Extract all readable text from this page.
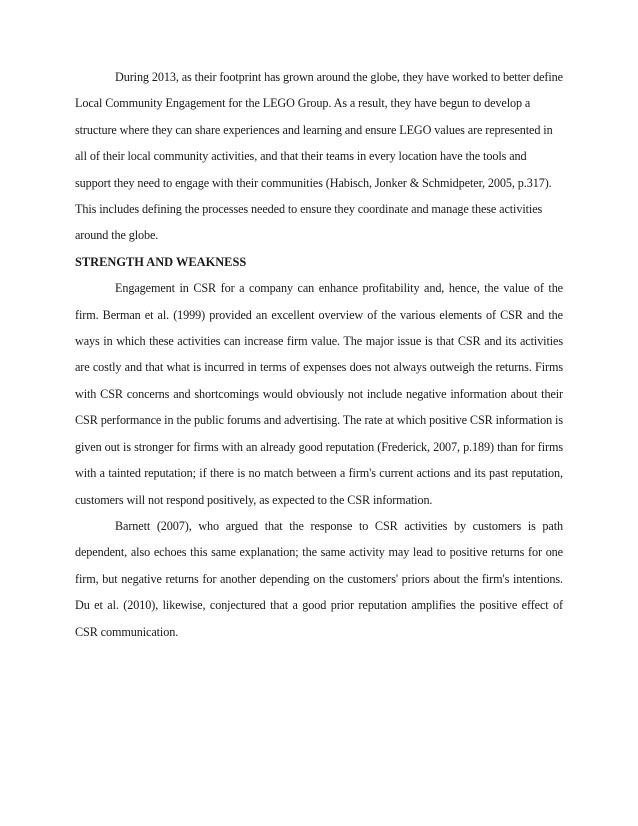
During 2013, as their footprint has grown around the globe, they have worked to better define Local Community Engagement for the LEGO Group. As a result, they have begun to develop a structure where they can share experiences and learning and ensure LEGO values are represented in all of their local community activities, and that their teams in every location have the tools and support they need to engage with their communities (Habisch, Jonker & Schmidpeter, 2005, p.317). This includes defining the processes needed to ensure they coordinate and manage these activities around the globe.

STRENGTH AND WEAKNESS

Engagement in CSR for a company can enhance profitability and, hence, the value of the firm. Berman et al. (1999) provided an excellent overview of the various elements of CSR and the ways in which these activities can increase firm value. The major issue is that CSR and its activities are costly and that what is incurred in terms of expenses does not always outweigh the returns. Firms with CSR concerns and shortcomings would obviously not include negative information about their CSR performance in the public forums and advertising. The rate at which positive CSR information is given out is stronger for firms with an already good reputation (Frederick, 2007, p.189) than for firms with a tainted reputation; if there is no match between a firm's current actions and its past reputation, customers will not respond positively, as expected to the CSR information.

Barnett (2007), who argued that the response to CSR activities by customers is path dependent, also echoes this same explanation; the same activity may lead to positive returns for one firm, but negative returns for another depending on the customers' priors about the firm's intentions. Du et al. (2010), likewise, conjectured that a good prior reputation amplifies the positive effect of CSR communication.
